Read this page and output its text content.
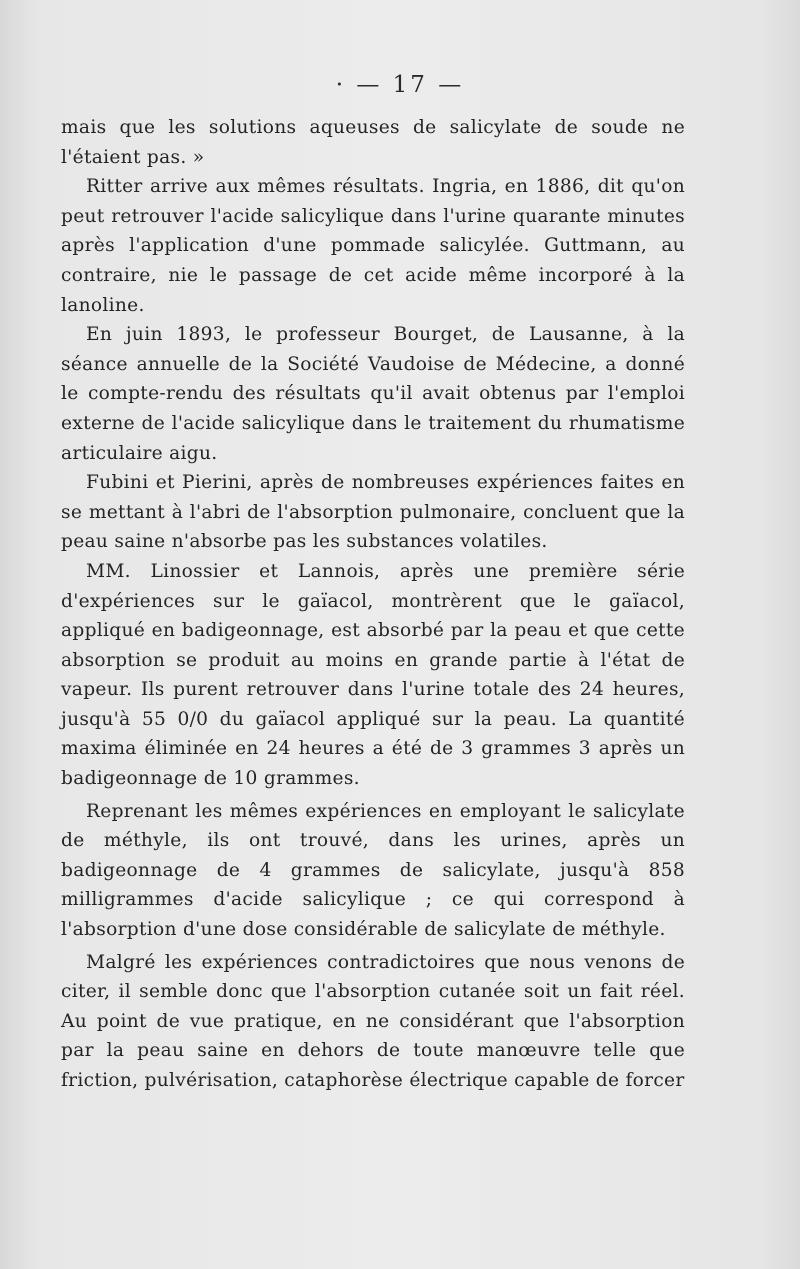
· — 17 —

mais que les solutions aqueuses de salicylate de soude ne l'étaient pas. »

Ritter arrive aux mêmes résultats. Ingria, en 1886, dit qu'on peut retrouver l'acide salicylique dans l'urine quarante minutes après l'application d'une pommade salicylée. Guttmann, au contraire, nie le passage de cet acide même incorporé à la lanoline.

En juin 1893, le professeur Bourget, de Lausanne, à la séance annuelle de la Société Vaudoise de Médecine, a donné le compte-rendu des résultats qu'il avait obtenus par l'emploi externe de l'acide salicylique dans le traitement du rhumatisme articulaire aigu.

Fubini et Pierini, après de nombreuses expériences faites en se mettant à l'abri de l'absorption pulmonaire, concluent que la peau saine n'absorbe pas les substances volatiles.

MM. Linossier et Lannois, après une première série d'expériences sur le gaïacol, montrèrent que le gaïacol, appliqué en badigeonnage, est absorbé par la peau et que cette absorption se produit au moins en grande partie à l'état de vapeur. Ils purent retrouver dans l'urine totale des 24 heures, jusqu'à 55 0/0 du gaïacol appliqué sur la peau. La quantité maxima éliminée en 24 heures a été de 3 grammes 3 après un badigeonnage de 10 grammes.

Reprenant les mêmes expériences en employant le salicylate de méthyle, ils ont trouvé, dans les urines, après un badigeonnage de 4 grammes de salicylate, jusqu'à 858 milligrammes d'acide salicylique ; ce qui correspond à l'absorption d'une dose considérable de salicylate de méthyle.

Malgré les expériences contradictoires que nous venons de citer, il semble donc que l'absorption cutanée soit un fait réel. Au point de vue pratique, en ne considérant que l'absorption par la peau saine en dehors de toute manœuvre telle que friction, pulvérisation, cataphorèse électrique capable de forcer
